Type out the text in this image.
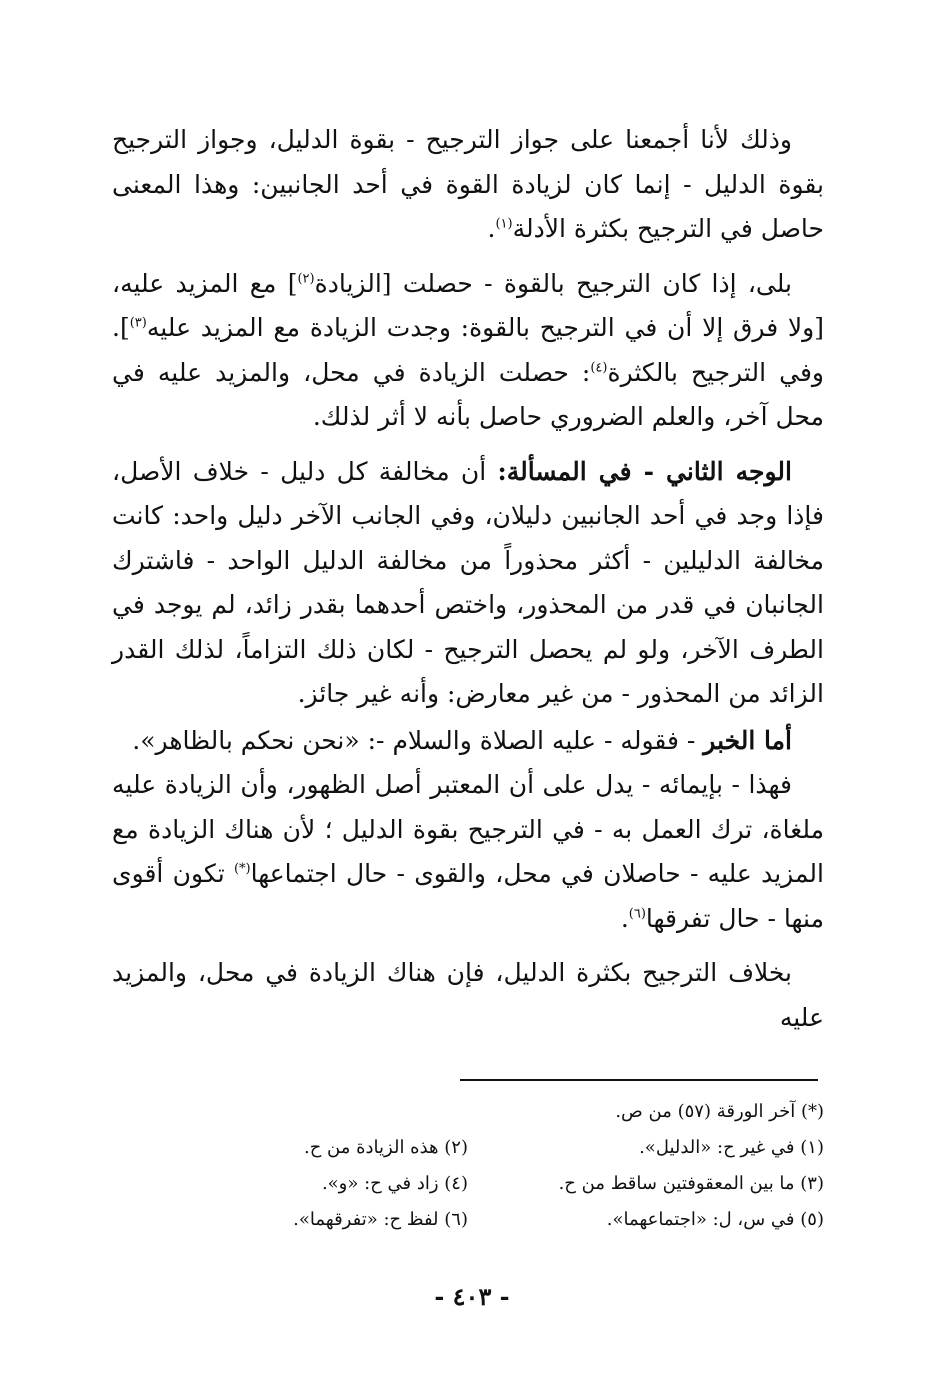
وذلك لأنا أجمعنا على جواز الترجيح - بقوة الدليل، وجواز الترجيح بقوة الدليل - إنما كان لزيادة القوة في أحد الجانبين: وهذا المعنى حاصل في الترجيح بكثرة الأدلة$^{(١)}$.

بلى، إذا كان الترجيح بالقوة - حصلت [الزيادة$^{(٢)}$] مع المزيد عليه، [ولا فرق إلا أن في الترجيح بالقوة: وجدت الزيادة مع المزيد عليه$^{(٣)}$]. وفي الترجيح بالكثرة$^{(٤)}$: حصلت الزيادة في محل، والمزيد عليه في محل آخر، والعلم الضروري حاصل بأنه لا أثر لذلك.

الوجه الثاني - في المسألة: أن مخالفة كل دليل - خلاف الأصل، فإذا وجد في أحد الجانبين دليلان، وفي الجانب الآخر دليل واحد: كانت مخالفة الدليلين - أكثر محذوراً من مخالفة الدليل الواحد - فاشترك الجانبان في قدر من المحذور، واختص أحدهما بقدر زائد، لم يوجد في الطرف الآخر، ولو لم يحصل الترجيح - لكان ذلك التزاماً، لذلك القدر الزائد من المحذور - من غير معارض: وأنه غير جائز.

أما الخبر - فقوله - عليه الصلاة والسلام -: «نحن نحكم بالظاهر».

فهذا - بإيمائه - يدل على أن المعتبر أصل الظهور، وأن الزيادة عليه ملغاة، ترك العمل به - في الترجيح بقوة الدليل ؛ لأن هناك الزيادة مع المزيد عليه - حاصلان في محل، والقوى - حال اجتماعها(*) تكون أقوى منها - حال تفرقها$^{(٦)}$.

بخلاف الترجيح بكثرة الدليل، فإن هناك الزيادة في محل، والمزيد عليه

(*) آخر الورقة (٥٧) من ص.
(١) في غير ح: «الدليل».
(٢) هذه الزيادة من ح.
(٣) ما بين المعقوفتين ساقط من ح.
(٤) زاد في ح: «و».
(٥) في س، ل: «اجتماعهما».
(٦) لفظ ح: «تفرقهما».
- ٤٠٣ -
